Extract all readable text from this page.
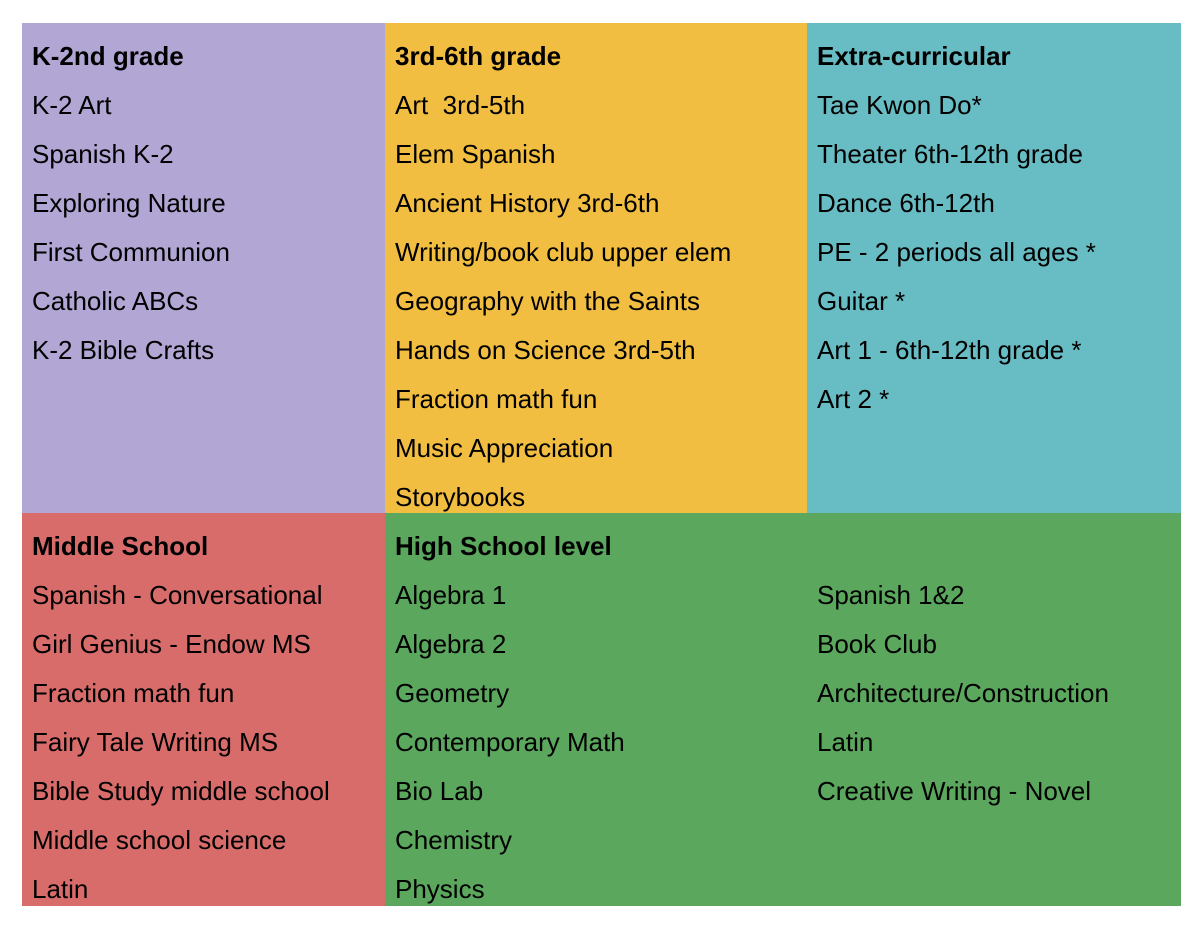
K-2nd grade
K-2 Art
Spanish K-2
Exploring Nature
First Communion
Catholic ABCs
K-2 Bible Crafts
3rd-6th grade
Art  3rd-5th
Elem Spanish
Ancient History 3rd-6th
Writing/book club upper elem
Geography with the Saints
Hands on Science 3rd-5th
Fraction math fun
Music Appreciation
Storybooks
Extra-curricular
Tae Kwon Do*
Theater 6th-12th grade
Dance 6th-12th
PE - 2 periods all ages *
Guitar *
Art 1 - 6th-12th grade *
Art 2 *
Middle School
Spanish - Conversational
Girl Genius - Endow MS
Fraction math fun
Fairy Tale Writing MS
Bible Study middle school
Middle school science
Latin
High School level
Algebra 1
Algebra 2
Geometry
Contemporary Math
Bio Lab
Chemistry
Physics
Spanish 1&2
Book Club
Architecture/Construction
Latin
Creative Writing - Novel
